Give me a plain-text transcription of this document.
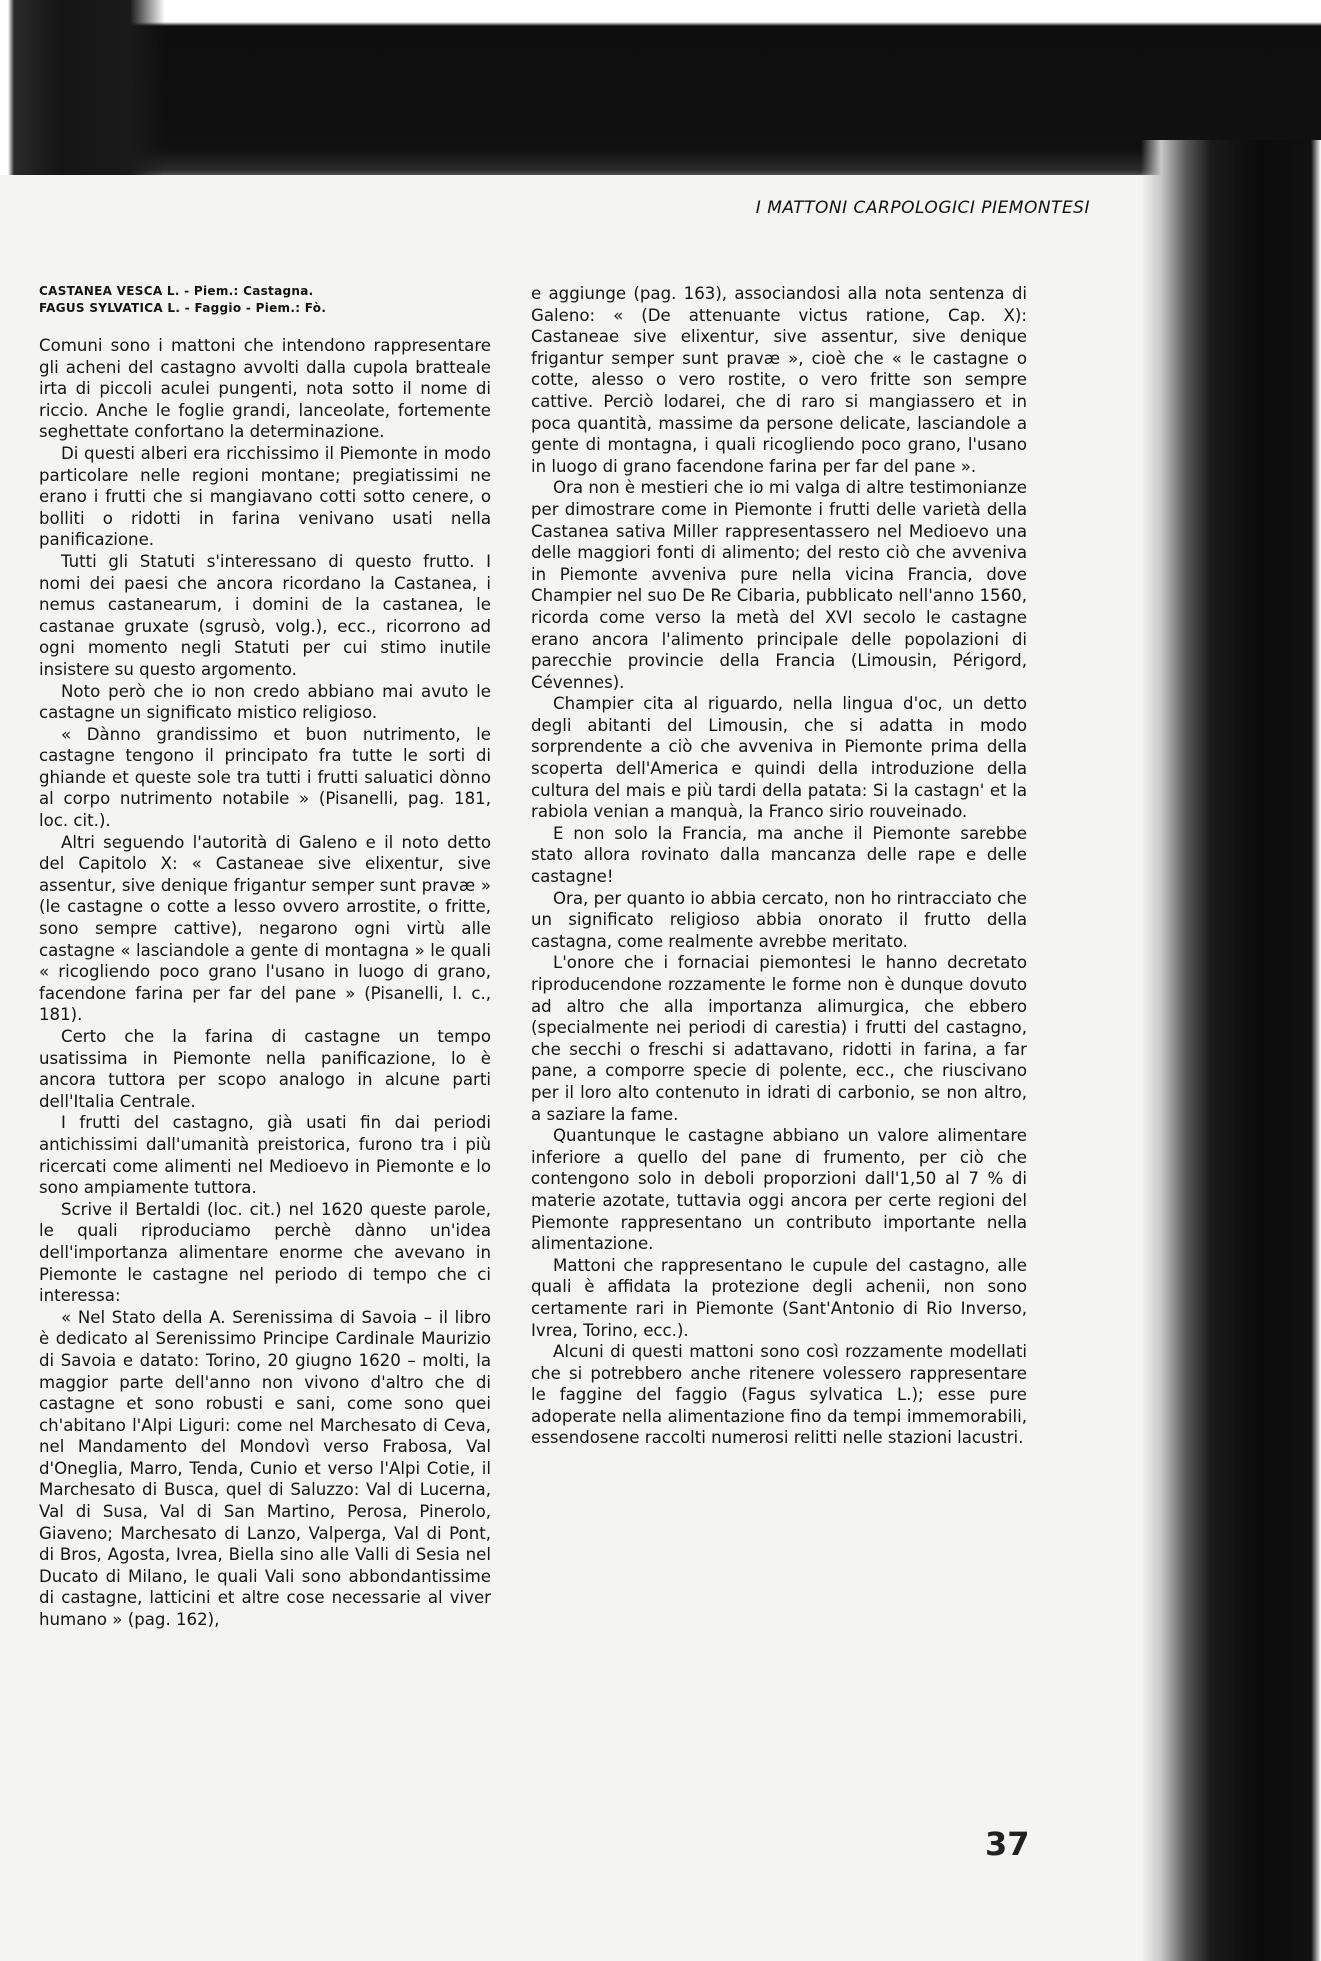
I MATTONI CARPOLOGICI PIEMONTESI
CASTANEA VESCA L. - Piem.: Castagna.
FAGUS SYLVATICA L. - Faggio - Piem.: Fò.

Comuni sono i mattoni che intendono rappresentare gli acheni del castagno avvolti dalla cupola bratteale irta di piccoli aculei pungenti, nota sotto il nome di riccio. Anche le foglie grandi, lanceolate, fortemente seghettate confortano la determinazione.

Di questi alberi era ricchissimo il Piemonte in modo particolare nelle regioni montane; pregiatissimi ne erano i frutti che si mangiavano cotti sotto cenere, o bolliti o ridotti in farina venivano usati nella panificazione.

Tutti gli Statuti s'interessano di questo frutto. I nomi dei paesi che ancora ricordano la Castanea, i nemus castanearum, i domini de la castanea, le castanae gruxate (sgrusò, volg.), ecc., ricorrono ad ogni momento negli Statuti per cui stimo inutile insistere su questo argomento.

Noto però che io non credo abbiano mai avuto le castagne un significato mistico religioso.

« Dànno grandissimo et buon nutrimento, le castagne tengono il principato fra tutte le sorti di ghiande et queste sole tra tutti i frutti saluatici dònno al corpo nutrimento notabile » (Pisanelli, pag. 181, loc. cit.).

Altri seguendo l'autorità di Galeno e il noto detto del Capitolo X: « Castaneae sive elixentur, sive assentur, sive denique frigantur semper sunt pravæ » (le castagne o cotte a lesso ovvero arrostite, o fritte, sono sempre cattive), negarono ogni virtù alle castagne « lasciandole a gente di montagna » le quali « ricogliendo poco grano l'usano in luogo di grano, facendone farina per far del pane » (Pisanelli, l. c., 181).

Certo che la farina di castagne un tempo usatissima in Piemonte nella panificazione, lo è ancora tuttora per scopo analogo in alcune parti dell'Italia Centrale.

I frutti del castagno, già usati fin dai periodi antichissimi dall'umanità preistorica, furono tra i più ricercati come alimenti nel Medioevo in Piemonte e lo sono ampiamente tuttora.

Scrive il Bertaldi (loc. cit.) nel 1620 queste parole, le quali riproduciamo perchè dànno un'idea dell'importanza alimentare enorme che avevano in Piemonte le castagne nel periodo di tempo che ci interessa:

« Nel Stato della A. Serenissima di Savoia – il libro è dedicato al Serenissimo Principe Cardinale Maurizio di Savoia e datato: Torino, 20 giugno 1620 – molti, la maggior parte dell'anno non vivono d'altro che di castagne et sono robusti e sani, come sono quei ch'abitano l'Alpi Liguri: come nel Marchesato di Ceva, nel Mandamento del Mondovì verso Frabosa, Val d'Oneglia, Marro, Tenda, Cunio et verso l'Alpi Cotie, il Marchesato di Busca, quel di Saluzzo: Val di Lucerna, Val di Susa, Val di San Martino, Perosa, Pinerolo, Giaveno; Marchesato di Lanzo, Valperga, Val di Pont, di Bros, Agosta, Ivrea, Biella sino alle Valli di Sesia nel Ducato di Milano, le quali Vali sono abbondantissime di castagne, latticini et altre cose necessarie al viver humano » (pag. 162),

e aggiunge (pag. 163), associandosi alla nota sentenza di Galeno: « (De attenuante victus ratione, Cap. X): Castaneae sive elixentur, sive assentur, sive denique frigantur semper sunt pravæ », cioè che « le castagne o cotte, alesso o vero rostite, o vero fritte son sempre cattive. Perciò lodarei, che di raro si mangiassero et in poca quantità, massime da persone delicate, lasciandole a gente di montagna, i quali ricogliendo poco grano, l'usano in luogo di grano facendone farina per far del pane ».

Ora non è mestieri che io mi valga di altre testimonianze per dimostrare come in Piemonte i frutti delle varietà della Castanea sativa Miller rappresentassero nel Medioevo una delle maggiori fonti di alimento; del resto ciò che avveniva in Piemonte avveniva pure nella vicina Francia, dove Champier nel suo De Re Cibaria, pubblicato nell'anno 1560, ricorda come verso la metà del XVI secolo le castagne erano ancora l'alimento principale delle popolazioni di parecchie provincie della Francia (Limousin, Périgord, Cévennes).

Champier cita al riguardo, nella lingua d'oc, un detto degli abitanti del Limousin, che si adatta in modo sorprendente a ciò che avveniva in Piemonte prima della scoperta dell'America e quindi della introduzione della cultura del mais e più tardi della patata: Si la castagn' et la rabiola venian a manquà, la Franco sirio rouveinado.

E non solo la Francia, ma anche il Piemonte sarebbe stato allora rovinato dalla mancanza delle rape e delle castagne!

Ora, per quanto io abbia cercato, non ho rintracciato che un significato religioso abbia onorato il frutto della castagna, come realmente avrebbe meritato.

L'onore che i fornaciai piemontesi le hanno decretato riproducendone rozzamente le forme non è dunque dovuto ad altro che alla importanza alimurgica, che ebbero (specialmente nei periodi di carestia) i frutti del castagno, che secchi o freschi si adattavano, ridotti in farina, a far pane, a comporre specie di polente, ecc., che riuscivano per il loro alto contenuto in idrati di carbonio, se non altro, a saziare la fame.

Quantunque le castagne abbiano un valore alimentare inferiore a quello del pane di frumento, per ciò che contengono solo in deboli proporzioni dall'1,50 al 7 % di materie azotate, tuttavia oggi ancora per certe regioni del Piemonte rappresentano un contributo importante nella alimentazione.

Mattoni che rappresentano le cupule del castagno, alle quali è affidata la protezione degli achenii, non sono certamente rari in Piemonte (Sant'Antonio di Rio Inverso, Ivrea, Torino, ecc.).

Alcuni di questi mattoni sono così rozzamente modellati che si potrebbero anche ritenere volessero rappresentare le faggine del faggio (Fagus sylvatica L.); esse pure adoperate nella alimentazione fino da tempi immemorabili, essendosene raccolti numerosi relitti nelle stazioni lacustri.

37
